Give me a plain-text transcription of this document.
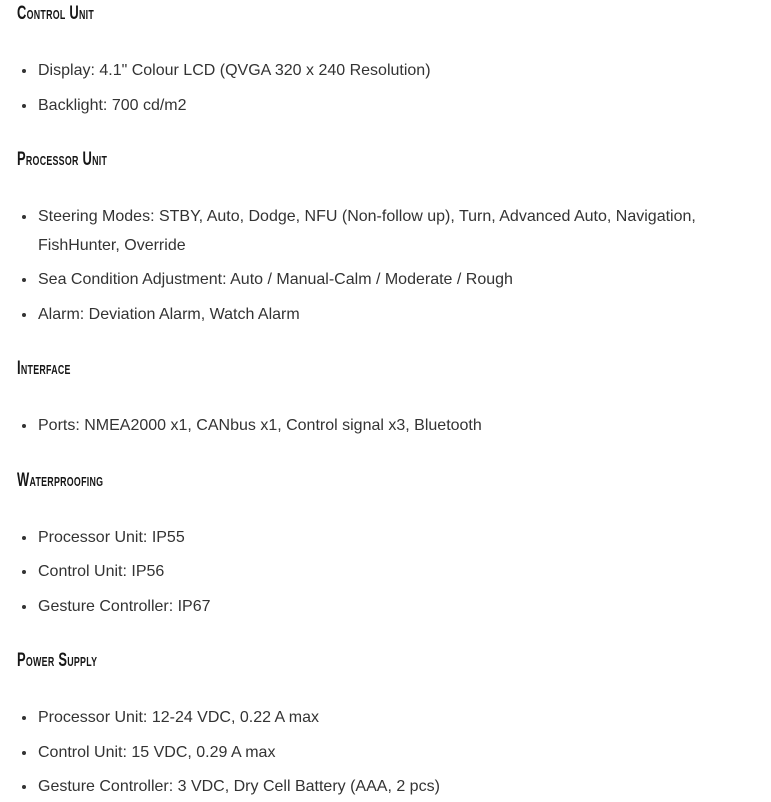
Control Unit
• Display: 4.1" Colour LCD (QVGA 320 x 240 Resolution)
• Backlight: 700 cd/m2
Processor Unit
• Steering Modes: STBY, Auto, Dodge, NFU (Non-follow up), Turn, Advanced Auto, Navigation, FishHunter, Override
• Sea Condition Adjustment: Auto / Manual-Calm / Moderate / Rough
• Alarm: Deviation Alarm, Watch Alarm
Interface
• Ports: NMEA2000 x1, CANbus x1, Control signal x3, Bluetooth
Waterproofing
• Processor Unit: IP55
• Control Unit: IP56
• Gesture Controller: IP67
Power Supply
• Processor Unit: 12-24 VDC, 0.22 A max
• Control Unit: 15 VDC, 0.29 A max
• Gesture Controller: 3 VDC, Dry Cell Battery (AAA, 2 pcs)
